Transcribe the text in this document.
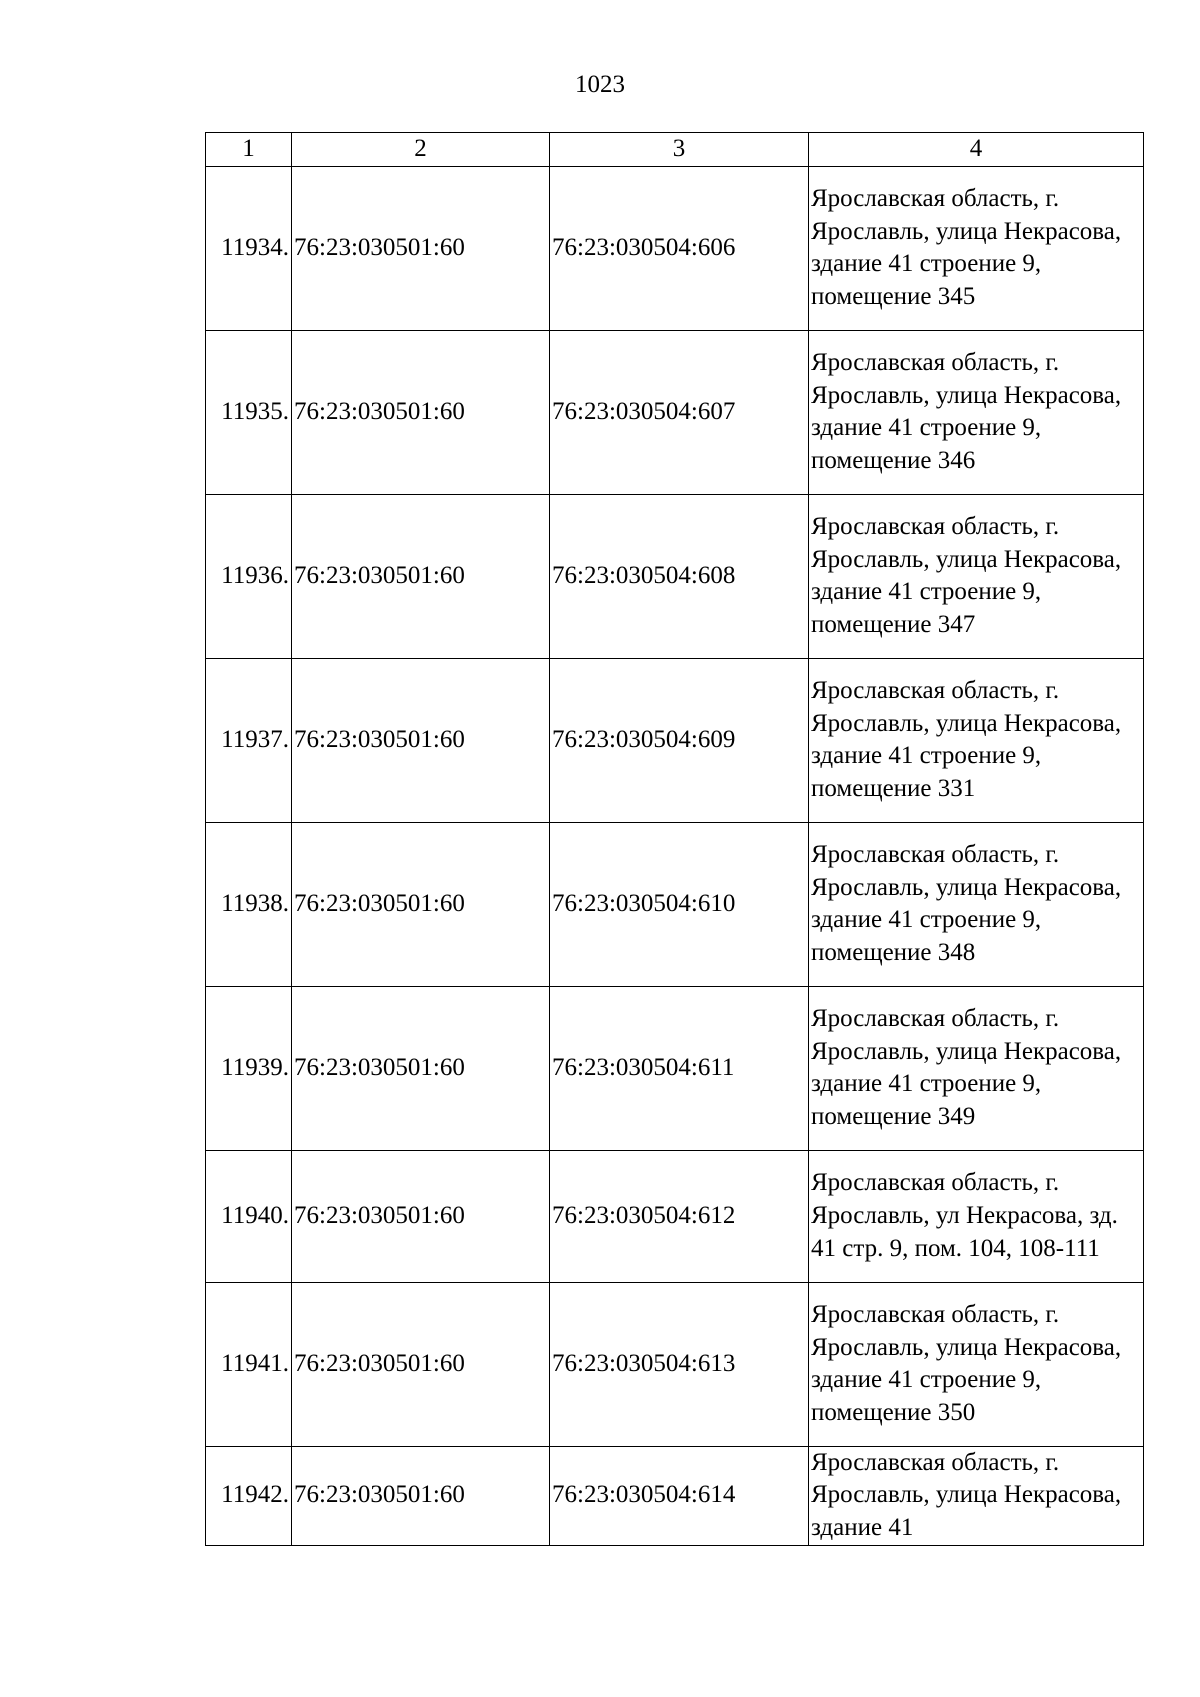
1023
1	2	3	4
11934.	76:23:030501:60	76:23:030504:606	Ярославская область, г. Ярославль, улица Некрасова, здание 41 строение 9, помещение 345
11935.	76:23:030501:60	76:23:030504:607	Ярославская область, г. Ярославль, улица Некрасова, здание 41 строение 9, помещение 346
11936.	76:23:030501:60	76:23:030504:608	Ярославская область, г. Ярославль, улица Некрасова, здание 41 строение 9, помещение 347
11937.	76:23:030501:60	76:23:030504:609	Ярославская область, г. Ярославль, улица Некрасова, здание 41 строение 9, помещение 331
11938.	76:23:030501:60	76:23:030504:610	Ярославская область, г. Ярославль, улица Некрасова, здание 41 строение 9, помещение 348
11939.	76:23:030501:60	76:23:030504:611	Ярославская область, г. Ярославль, улица Некрасова, здание 41 строение 9, помещение 349
11940.	76:23:030501:60	76:23:030504:612	Ярославская область, г. Ярославль, ул Некрасова, зд. 41 стр. 9, пом. 104, 108-111
11941.	76:23:030501:60	76:23:030504:613	Ярославская область, г. Ярославль, улица Некрасова, здание 41 строение 9, помещение 350
11942.	76:23:030501:60	76:23:030504:614	Ярославская область, г. Ярославль, улица Некрасова, здание 41
